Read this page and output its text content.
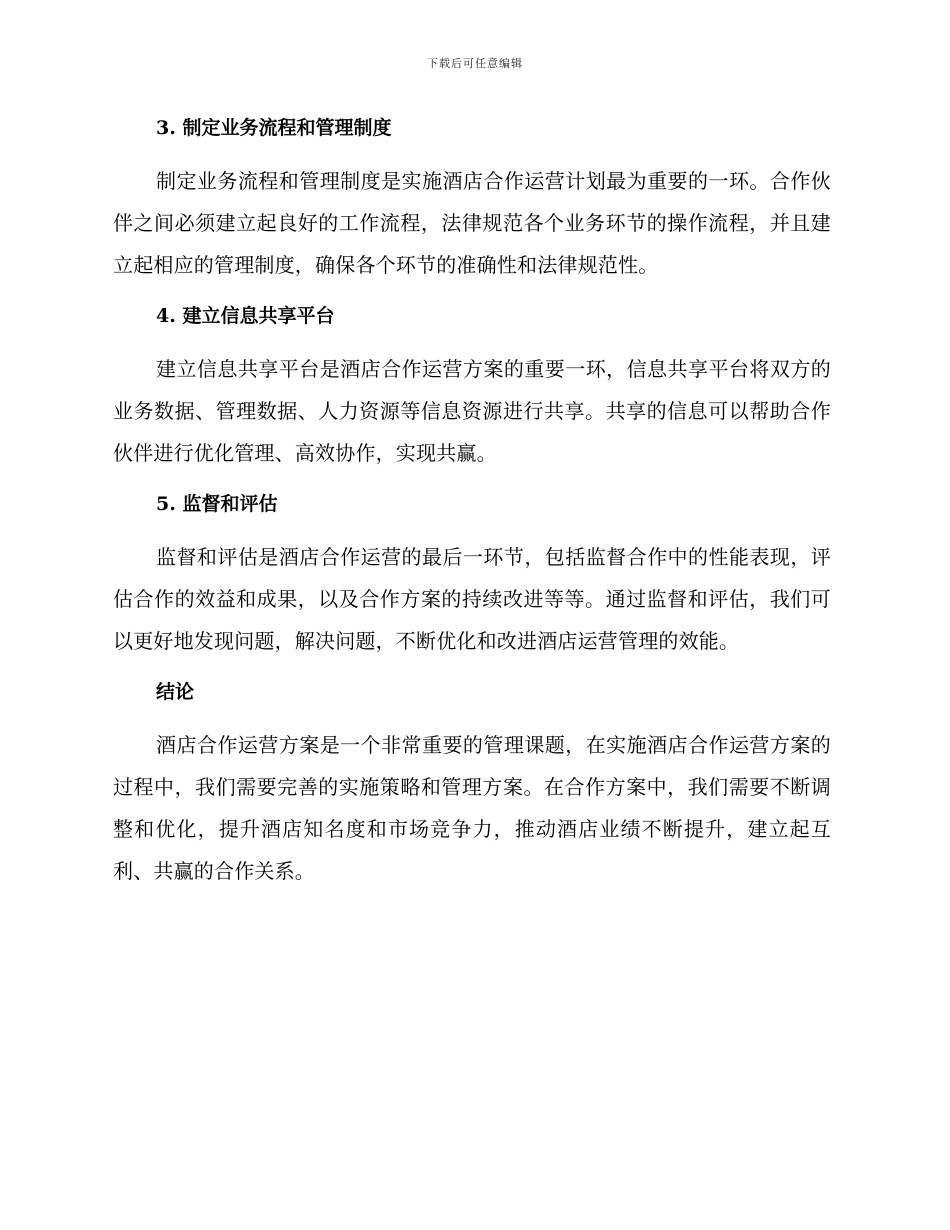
下载后可任意编辑
3. 制定业务流程和管理制度

制定业务流程和管理制度是实施酒店合作运营计划最为重要的一环。合作伙伴之间必须建立起良好的工作流程，法律规范各个业务环节的操作流程，并且建立起相应的管理制度，确保各个环节的准确性和法律规范性。

4. 建立信息共享平台

建立信息共享平台是酒店合作运营方案的重要一环，信息共享平台将双方的业务数据、管理数据、人力资源等信息资源进行共享。共享的信息可以帮助合作伙伴进行优化管理、高效协作，实现共赢。

5. 监督和评估

监督和评估是酒店合作运营的最后一环节，包括监督合作中的性能表现，评估合作的效益和成果，以及合作方案的持续改进等等。通过监督和评估，我们可以更好地发现问题，解决问题，不断优化和改进酒店运营管理的效能。

结论

酒店合作运营方案是一个非常重要的管理课题，在实施酒店合作运营方案的过程中，我们需要完善的实施策略和管理方案。在合作方案中，我们需要不断调整和优化，提升酒店知名度和市场竞争力，推动酒店业绩不断提升，建立起互利、共赢的合作关系。
